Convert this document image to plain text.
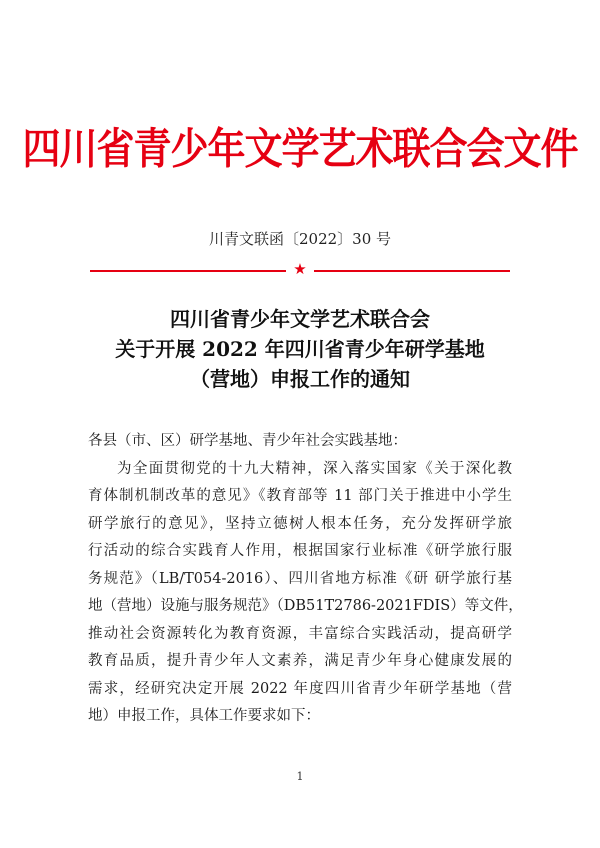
四川省青少年文学艺术联合会文件
川青文联函〔2022〕30 号
★
四川省青少年文学艺术联合会
关于开展 2022 年四川省青少年研学基地
（营地）申报工作的通知
各县（市、区）研学基地、青少年社会实践基地：
为全面贯彻党的十九大精神，深入落实国家《关于深化教
育体制机制改革的意见》《教育部等 11 部门关于推进中小学生
研学旅行的意见》，坚持立德树人根本任务，充分发挥研学旅
行活动的综合实践育人作用，根据国家行业标准《研学旅行服
务规范》（LB/T054-2016）、四川省地方标准《研 研学旅行基
地（营地）设施与服务规范》（DB51T2786-2021FDIS）等文件，
推动社会资源转化为教育资源，丰富综合实践活动，提高研学
教育品质，提升青少年人文素养，满足青少年身心健康发展的
需求，经研究决定开展 2022 年度四川省青少年研学基地（营
地）申报工作，具体工作要求如下：
1
